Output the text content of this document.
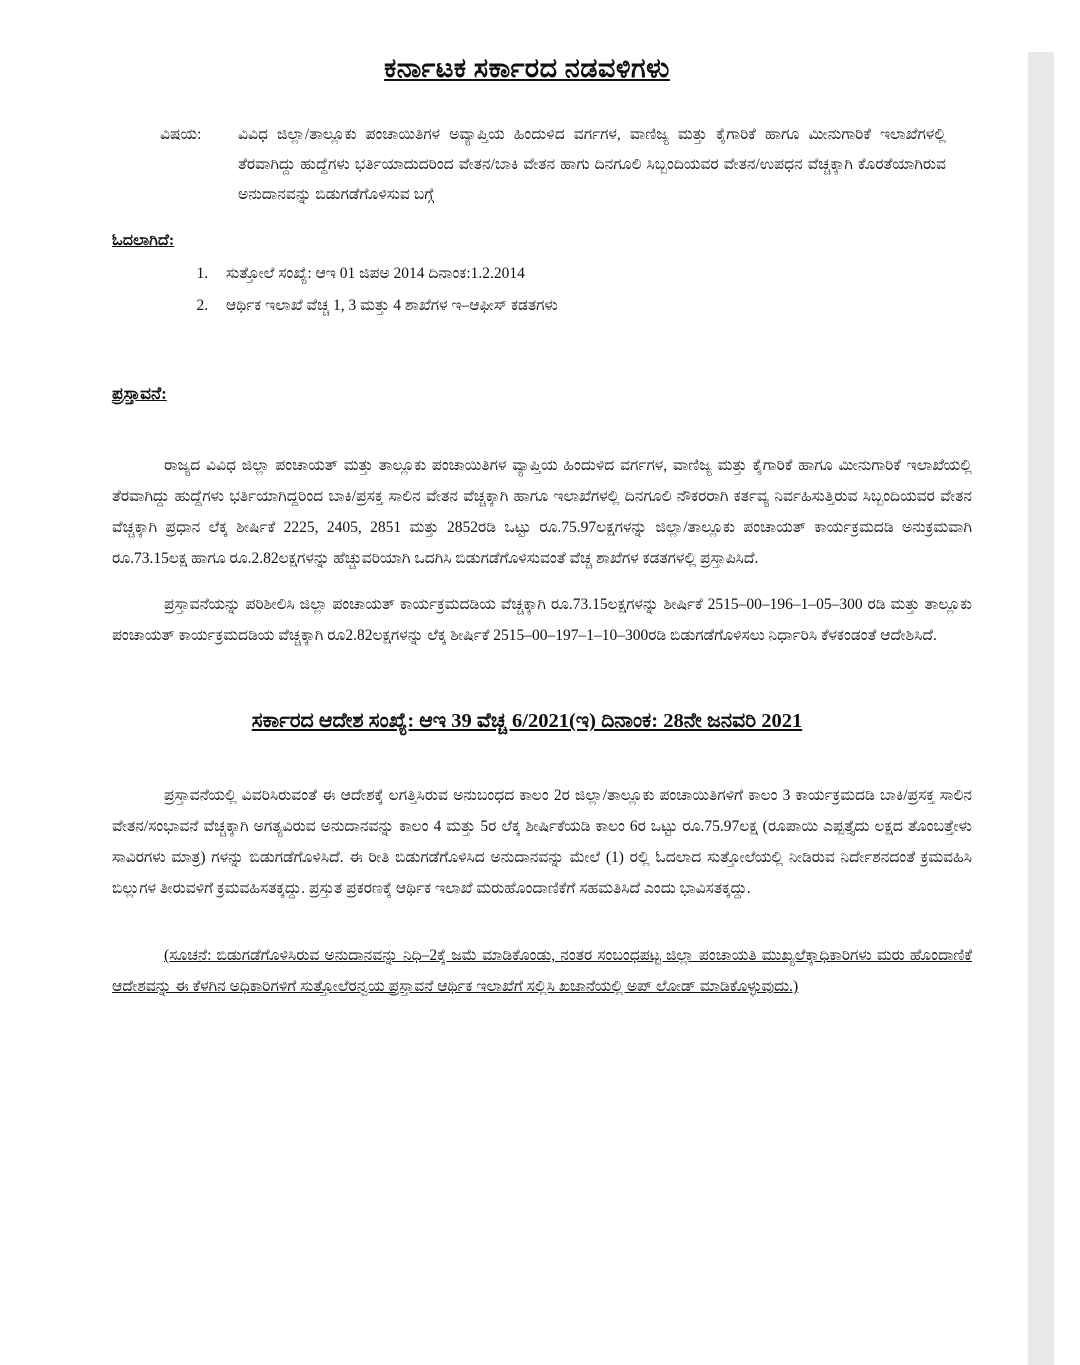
ಕರ್ನಾಟಕ ಸರ್ಕಾರದ ನಡವಳಿಗಳು
ವಿಷಯ:	ವಿವಿಧ ಜಿಲ್ಲಾ/ತಾಲ್ಲೂಕು ಪಂಚಾಯಿತಿಗಳ ಅವ್ಯಾಪ್ತಿಯ ಹಿಂದುಳಿದ ವರ್ಗಗಳ, ವಾಣಿಜ್ಯ ಮತ್ತು ಕೈಗಾರಿಕೆ ಹಾಗೂ ಮೀನುಗಾರಿಕೆ ಇಲಾಖೆಗಳಲ್ಲಿ ತೆರವಾಗಿದ್ದು ಹುದ್ದೆಗಳು ಭರ್ತಿಯಾದುದರಿಂದ ವೇತನ/ಬಾಕಿ ವೇತನ ಹಾಗು ದಿನಗೂಲಿ ಸಿಬ್ಬಂದಿಯವರ ವೇತನ/ಉಪಧನ ವೆಚ್ಚಕ್ಕಾಗಿ ಕೊರತೆಯಾಗಿರುವ ಅನುದಾನವನ್ನು ಬಿಡುಗಡೆಗೊಳಿಸುವ ಬಗ್ಗೆ
ಓದಲಾಗಿದೆ:
1. ಸುತ್ತೋಲೆ ಸಂಖ್ಯೆ: ಆಇ 01 ಜಿಪಅ 2014 ದಿನಾಂಕ:1.2.2014
2. ಆರ್ಥಿಕ ಇಲಾಖೆ ವೆಚ್ಚ 1, 3 ಮತ್ತು 4 ಶಾಖೆಗಳ ಇ–ಆಫೀಸ್ ಕಡತಗಳು
ಪ್ರಸ್ತಾವನೆ:

ರಾಜ್ಯದ ವಿವಿಧ ಜಿಲ್ಲಾ ಪಂಚಾಯತ್ ಮತ್ತು ತಾಲ್ಲೂಕು ಪಂಚಾಯಿತಿಗಳ ವ್ಯಾಪ್ತಿಯ ಹಿಂದುಳಿದ ವರ್ಗಗಳ, ವಾಣಿಜ್ಯ ಮತ್ತು ಕೈಗಾರಿಕೆ ಹಾಗೂ ಮೀನುಗಾರಿಕೆ ಇಲಾಖೆಯಲ್ಲಿ ತೆರವಾಗಿದ್ದು ಹುದ್ದೆಗಳು ಭರ್ತಿಯಾಗಿದ್ದರಿಂದ ಬಾಕಿ/ಪ್ರಸಕ್ತ ಸಾಲಿನ ವೇತನ ವೆಚ್ಚಕ್ಕಾಗಿ ಹಾಗೂ ಇಲಾಖೆಗಳಲ್ಲಿ ದಿನಗೂಲಿ ನೌಕರರಾಗಿ ಕರ್ತವ್ಯ ನಿರ್ವಹಿಸುತ್ತಿರುವ ಸಿಬ್ಬಂದಿಯವರ ವೇತನ ವೆಚ್ಚಕ್ಕಾಗಿ ಪ್ರಧಾನ ಲೆಕ್ಕ ಶೀರ್ಷಿಕೆ 2225, 2405, 2851 ಮತ್ತು 2852ರಡಿ ಒಟ್ಟು ರೂ.75.97ಲಕ್ಷಗಳನ್ನು ಜಿಲ್ಲಾ/ತಾಲ್ಲೂಕು ಪಂಚಾಯತ್ ಕಾರ್ಯಕ್ರಮದಡಿ ಅನುಕ್ರಮವಾಗಿ ರೂ.73.15ಲಕ್ಷ ಹಾಗೂ ರೂ.2.82ಲಕ್ಷಗಳನ್ನು ಹೆಚ್ಚುವರಿಯಾಗಿ ಒದಗಿಸಿ ಬಿಡುಗಡೆಗೊಳಿಸುವಂತೆ ವೆಚ್ಚ ಶಾಖೆಗಳ ಕಡತಗಳಲ್ಲಿ ಪ್ರಸ್ತಾಪಿಸಿದೆ.

ಪ್ರಸ್ತಾವನೆಯನ್ನು ಪರಿಶೀಲಿಸಿ ಜಿಲ್ಲಾ ಪಂಚಾಯತ್ ಕಾರ್ಯಕ್ರಮದಡಿಯ ವೆಚ್ಚಕ್ಕಾಗಿ ರೂ.73.15ಲಕ್ಷಗಳನ್ನು ಶೀರ್ಷಿಕೆ 2515–00–196–1–05–300 ರಡಿ ಮತ್ತು ತಾಲ್ಲೂಕು ಪಂಚಾಯತ್ ಕಾರ್ಯಕ್ರಮದಡಿಯ ವೆಚ್ಚಕ್ಕಾಗಿ ರೂ2.82ಲಕ್ಷಗಳನ್ನು ಲೆಕ್ಕ ಶೀರ್ಷಿಕೆ 2515–00–197–1–10–300ರಡಿ ಬಿಡುಗಡೆಗೊಳಿಸಲು ನಿರ್ಧಾರಿಸಿ ಕೆಳಕಂಡಂತೆ ಆದೇಶಿಸಿದೆ.

ಸರ್ಕಾರದ ಆದೇಶ ಸಂಖ್ಯೆ: ಆಇ 39 ವೆಚ್ಚ 6/2021(ಇ) ದಿನಾಂಕ: 28ನೇ ಜನವರಿ 2021

ಪ್ರಸ್ತಾವನೆಯಲ್ಲಿ ವಿವರಿಸಿರುವಂತೆ ಈ ಆದೇಶಕ್ಕೆ ಲಗತ್ತಿಸಿರುವ ಅನುಬಂಧದ ಕಾಲಂ 2ರ ಜಿಲ್ಲಾ/ತಾಲ್ಲೂಕು ಪಂಚಾಯಿತಿಗಳಿಗೆ ಕಾಲಂ 3 ಕಾರ್ಯಕ್ರಮದಡಿ ಬಾಕಿ/ಪ್ರಸಕ್ತ ಸಾಲಿನ ವೇತನ/ಸಂಭಾವನೆ ವೆಚ್ಚಕ್ಕಾಗಿ ಅಗತ್ಯವಿರುವ ಅನುದಾನವನ್ನು ಕಾಲಂ 4 ಮತ್ತು 5ರ ಲೆಕ್ಕ ಶೀರ್ಷಿಕೆಯಡಿ ಕಾಲಂ 6ರ ಒಟ್ಟು ರೂ.75.97ಲಕ್ಷ (ರೂಪಾಯಿ ಎಪ್ಪತ್ತೈದು ಲಕ್ಷದ ತೊಂಬತ್ತೇಳು ಸಾವಿರಗಳು ಮಾತ್ರ) ಗಳನ್ನು ಬಿಡುಗಡೆಗೊಳಿಸಿದೆ. ಈ ರೀತಿ ಬಿಡುಗಡೆಗೊಳಿಸಿದ ಅನುದಾನವನ್ನು ಮೇಲೆ (1) ರಲ್ಲಿ ಓದಲಾದ ಸುತ್ತೋಲೆಯಲ್ಲಿ ನೀಡಿರುವ ನಿರ್ದೇಶನದಂತೆ ಕ್ರಮವಹಿಸಿ ಬಿಲ್ಲುಗಳ ತೀರುವಳಿಗೆ ಕ್ರಮವಹಿಸತಕ್ಕದ್ದು. ಪ್ರಸ್ತುತ ಪ್ರಕರಣಕ್ಕೆ ಆರ್ಥಿಕ ಇಲಾಖೆ ಮರುಹೊಂದಾಣಿಕೆಗೆ ಸಹಮತಿಸಿದೆ ಎಂದು ಭಾವಿಸತಕ್ಕದ್ದು.

(ಸೂಚನೆ: ಬಿಡುಗಡೆಗೊಳಿಸಿರುವ ಅನುದಾನವನ್ನು ನಿಧಿ–2ಕ್ಕೆ ಜಮೆ ಮಾಡಿಕೊಂಡು, ನಂತರ ಸಂಬಂಧಪಟ್ಟ ಜಿಲ್ಲಾ ಪಂಚಾಯತಿ ಮುಖ್ಯಲೆಕ್ಕಾಧಿಕಾರಿಗಳು ಮರು ಹೊಂದಾಣಿಕೆ ಆದೇಶವನ್ನು ಈ ಕೆಳಗಿನ ಅಧಿಕಾರಿಗಳಿಗೆ ಸುತ್ತೋಲೆರನ್ವಯ ಪ್ರಸ್ತಾವನೆ ಆರ್ಥಿಕ ಇಲಾಖೆಗೆ ಸಲ್ಲಿಸಿ ಖಜಾನೆಯಲ್ಲಿ ಅಪ್ ಲೋಡ್ ಮಾಡಿಕೊಳ್ಳುವುದು.)
